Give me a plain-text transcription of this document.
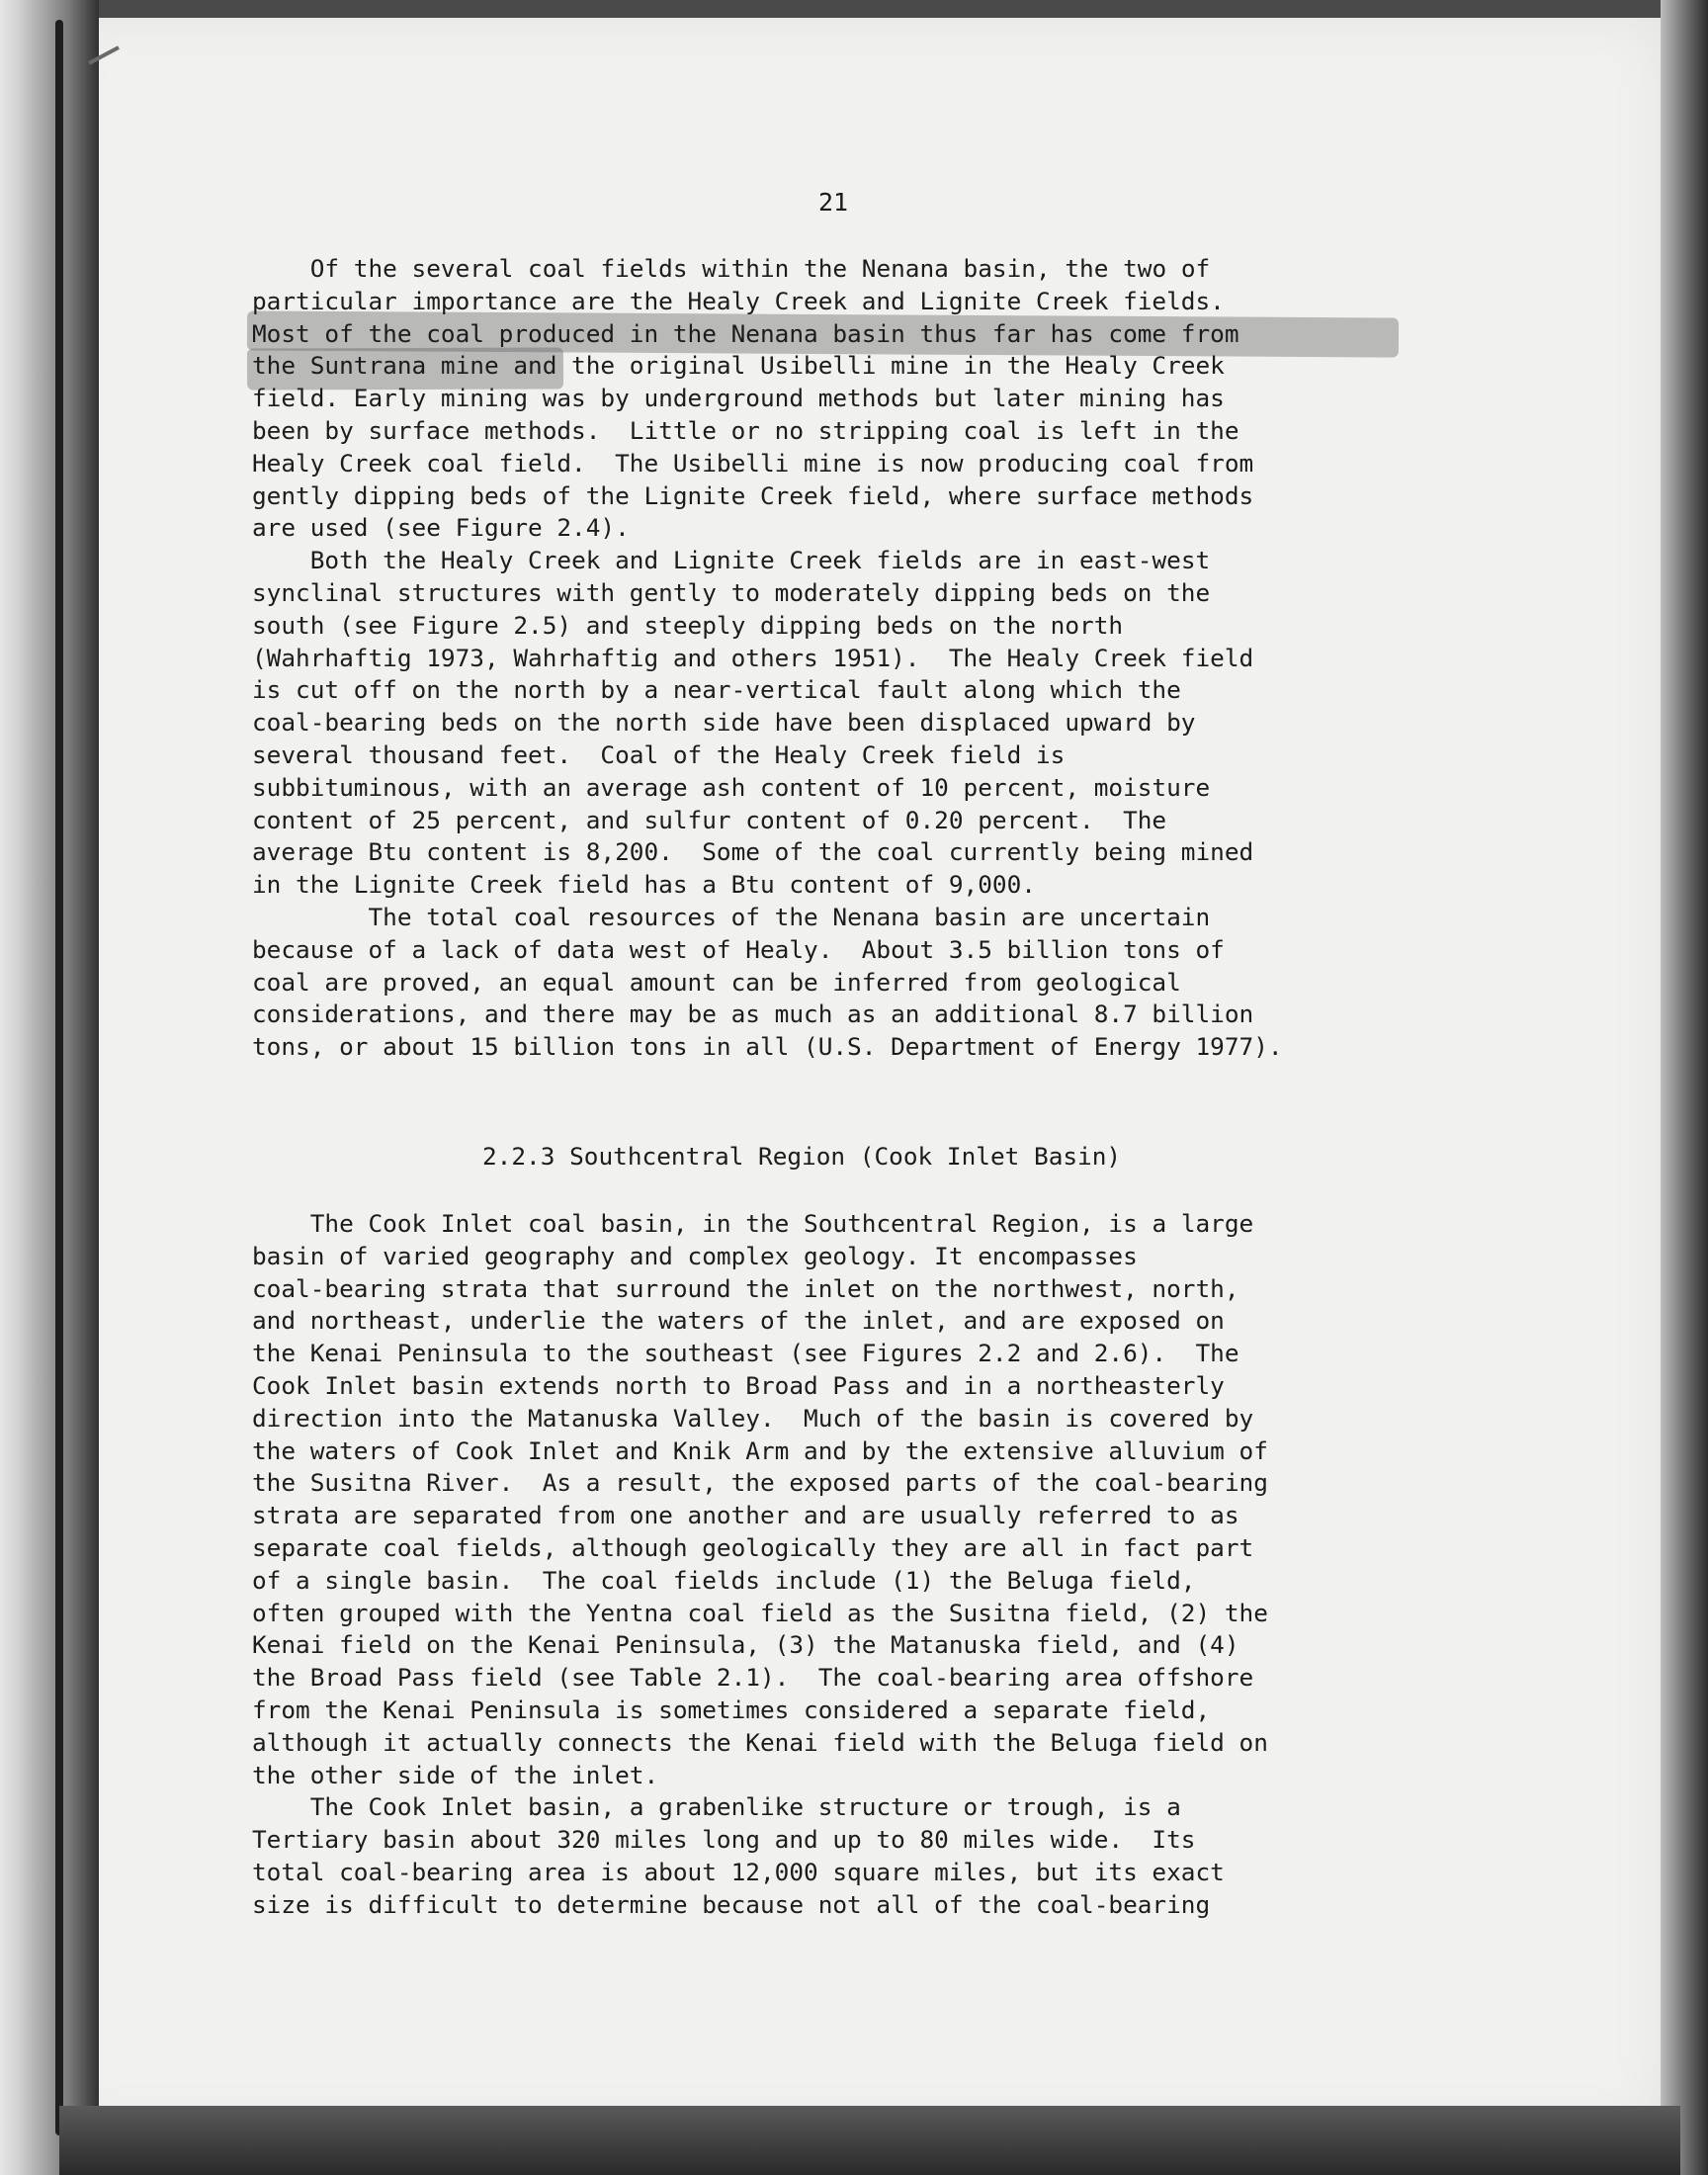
21

Of the several coal fields within the Nenana basin, the two of
particular importance are the Healy Creek and Lignite Creek fields.
Most of the coal produced in the Nenana basin thus far has come from
the Suntrana mine and the original Usibelli mine in the Healy Creek
field. Early mining was by underground methods but later mining has
been by surface methods.  Little or no stripping coal is left in the
Healy Creek coal field.  The Usibelli mine is now producing coal from
gently dipping beds of the Lignite Creek field, where surface methods
are used (see Figure 2.4).

Both the Healy Creek and Lignite Creek fields are in east-west
synclinal structures with gently to moderately dipping beds on the
south (see Figure 2.5) and steeply dipping beds on the north
(Wahrhaftig 1973, Wahrhaftig and others 1951).  The Healy Creek field
is cut off on the north by a near-vertical fault along which the
coal-bearing beds on the north side have been displaced upward by
several thousand feet.  Coal of the Healy Creek field is
subbituminous, with an average ash content of 10 percent, moisture
content of 25 percent, and sulfur content of 0.20 percent.  The
average Btu content is 8,200.  Some of the coal currently being mined
in the Lignite Creek field has a Btu content of 9,000.

The total coal resources of the Nenana basin are uncertain
because of a lack of data west of Healy.  About 3.5 billion tons of
coal are proved, an equal amount can be inferred from geological
considerations, and there may be as much as an additional 8.7 billion
tons, or about 15 billion tons in all (U.S. Department of Energy 1977).

2.2.3 Southcentral Region (Cook Inlet Basin)

The Cook Inlet coal basin, in the Southcentral Region, is a large
basin of varied geography and complex geology. It encompasses
coal-bearing strata that surround the inlet on the northwest, north,
and northeast, underlie the waters of the inlet, and are exposed on
the Kenai Peninsula to the southeast (see Figures 2.2 and 2.6).  The
Cook Inlet basin extends north to Broad Pass and in a northeasterly
direction into the Matanuska Valley.  Much of the basin is covered by
the waters of Cook Inlet and Knik Arm and by the extensive alluvium of
the Susitna River.  As a result, the exposed parts of the coal-bearing
strata are separated from one another and are usually referred to as
separate coal fields, although geologically they are all in fact part
of a single basin.  The coal fields include (1) the Beluga field,
often grouped with the Yentna coal field as the Susitna field, (2) the
Kenai field on the Kenai Peninsula, (3) the Matanuska field, and (4)
the Broad Pass field (see Table 2.1).  The coal-bearing area offshore
from the Kenai Peninsula is sometimes considered a separate field,
although it actually connects the Kenai field with the Beluga field on
the other side of the inlet.

The Cook Inlet basin, a grabenlike structure or trough, is a
Tertiary basin about 320 miles long and up to 80 miles wide.  Its
total coal-bearing area is about 12,000 square miles, but its exact
size is difficult to determine because not all of the coal-bearing
